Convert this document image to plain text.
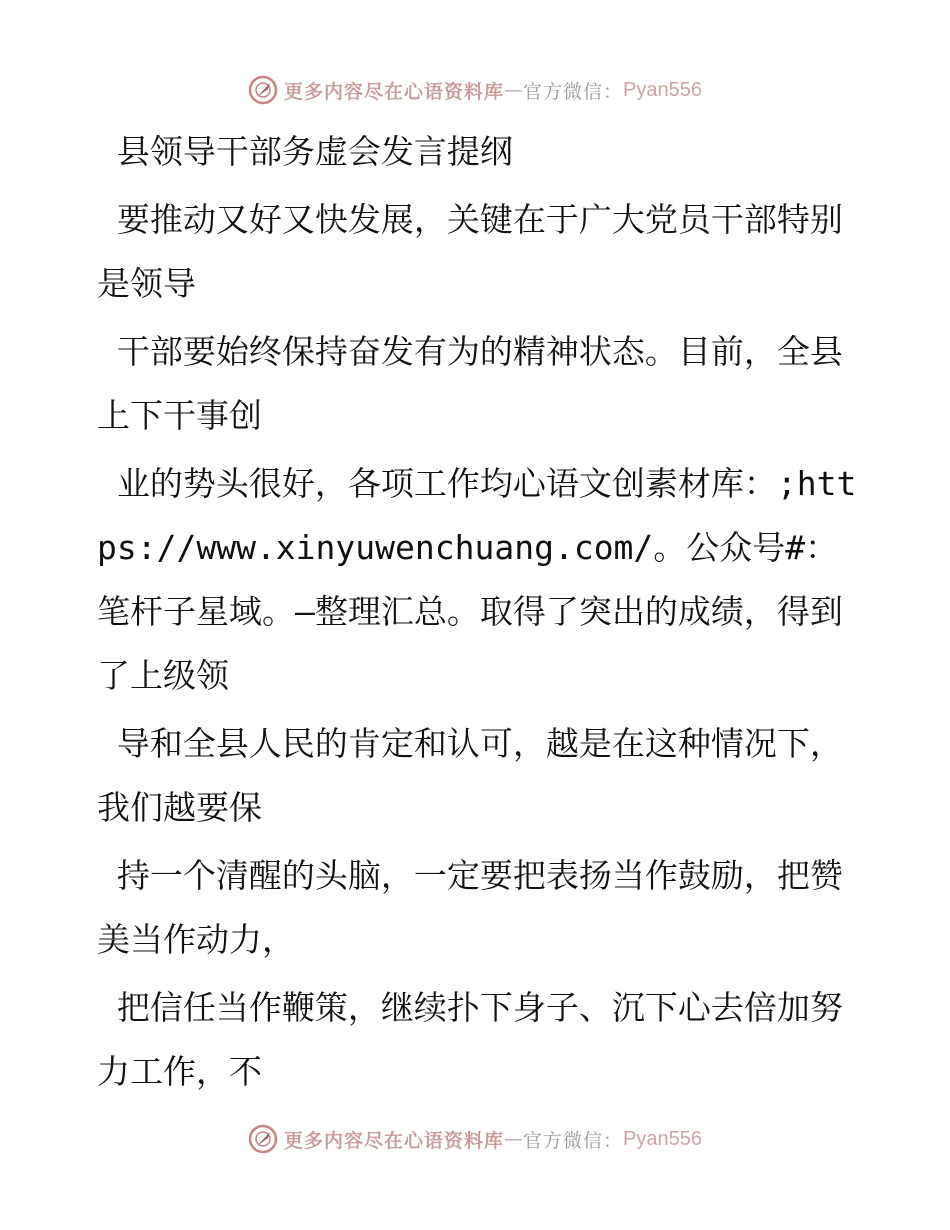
更多内容尽在心语资料库 — 官方微信： Pyan556

县领导干部务虚会发言提纲

要推动又好又快发展，关键在于广大党员干部特别是领导

干部要始终保持奋发有为的精神状态。目前，全县上下干事创

业的势头很好，各项工作均心语文创素材库：;https://www.xinyuwenchuang.com/。公众号#：笔杆子星域。—整理汇总。取得了突出的成绩，得到了上级领

导和全县人民的肯定和认可，越是在这种情况下，我们越要保

持一个清醒的头脑，一定要把表扬当作鼓励，把赞美当作动力，

把信任当作鞭策，继续扑下身子、沉下心去倍加努力工作，不

更多内容尽在心语资料库 — 官方微信： Pyan556
